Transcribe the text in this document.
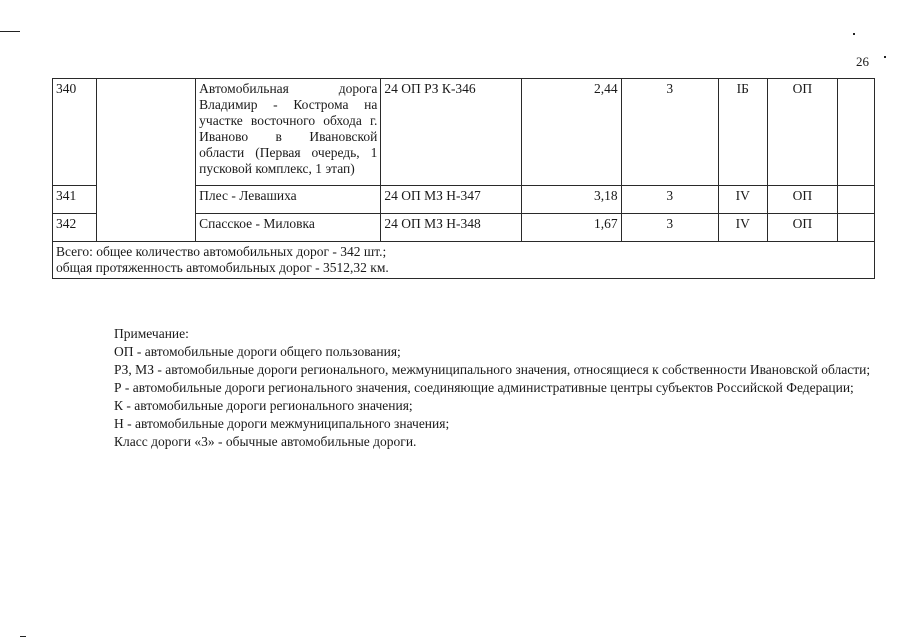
26
340		Автомобильная дорога Владимир - Кострома на участке восточного обхода г. Иваново в Ивановской области (Первая очередь, 1 пусковой комплекс, 1 этап)	24 ОП РЗ К-346	2,44	3	IБ	ОП	
341		Плес - Левашиха	24 ОП МЗ Н-347	3,18	3	IV	ОП	
342		Спасское - Миловка	24 ОП МЗ Н-348	1,67	3	IV	ОП	

Всего: общее количество автомобильных дорог - 342 шт.;
общая протяженность автомобильных дорог - 3512,32 км.								

Примечание:

ОП - автомобильные дороги общего пользования;

РЗ, МЗ - автомобильные дороги регионального, межмуниципального значения, относящиеся к собственности Ивановской области;

Р - автомобильные дороги регионального значения, соединяющие административные центры субъектов Российской Федерации;

К - автомобильные дороги регионального значения;

Н - автомобильные дороги межмуниципального значения;

Класс дороги «3» - обычные автомобильные дороги.
